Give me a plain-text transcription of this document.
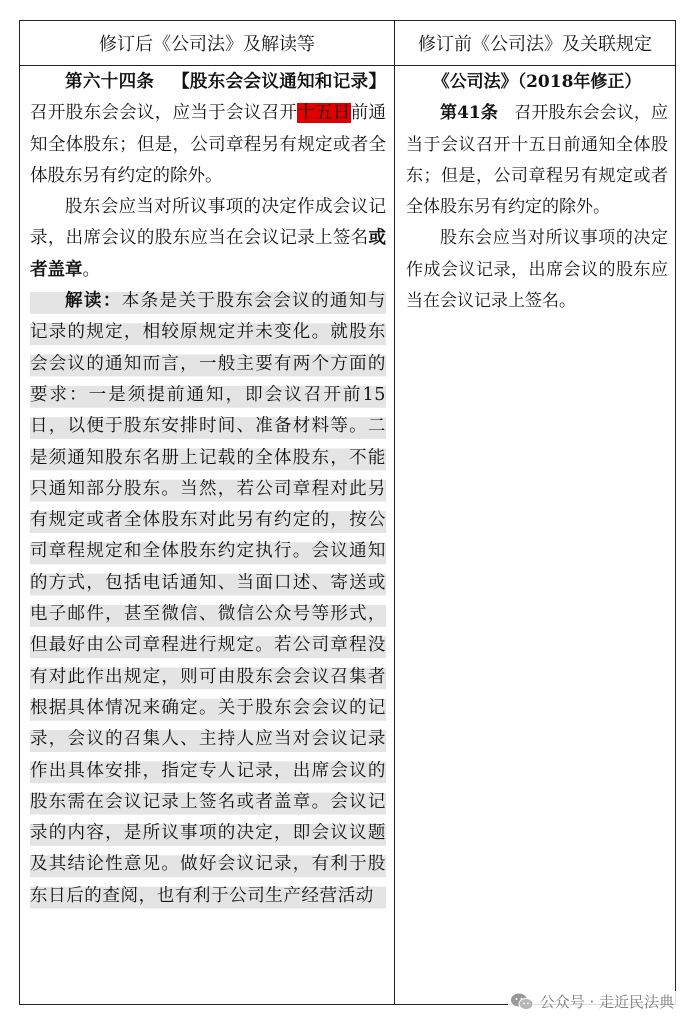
修订后《公司法》及解读等	修订前《公司法》及关联规定

第六十四条 【股东会会议通知和记录】召开股东会会议，应当于会议召开十五日前通知全体股东；但是，公司章程另有规定或者全体股东另有约定的除外。

股东会应当对所议事项的决定作成会议记录，出席会议的股东应当在会议记录上签名或者盖章。

解读：本条是关于股东会会议的通知与记录的规定，相较原规定并未变化。就股东会会议的通知而言，一般主要有两个方面的要求：一是须提前通知，即会议召开前15日，以便于股东安排时间、准备材料等。二是须通知股东名册上记载的全体股东，不能只通知部分股东。当然，若公司章程对此另有规定或者全体股东对此另有约定的，按公司章程规定和全体股东约定执行。会议通知的方式，包括电话通知、当面口述、寄送或电子邮件，甚至微信、微信公众号等形式，但最好由公司章程进行规定。若公司章程没有对此作出规定，则可由股东会会议召集者根据具体情况来确定。关于股东会会议的记录，会议的召集人、主持人应当对会议记录作出具体安排，指定专人记录，出席会议的股东需在会议记录上签名或者盖章。会议记录的内容，是所议事项的决定，即会议议题及其结论性意见。做好会议记录，有利于股东日后的查阅，也有利于公司生产经营活动

《公司法》（2018年修正）

第41条 召开股东会会议，应当于会议召开十五日前通知全体股东；但是，公司章程另有规定或者全体股东另有约定的除外。

股东会应当对所议事项的决定作成会议记录，出席会议的股东应当在会议记录上签名。

公众号 · 走近民法典
